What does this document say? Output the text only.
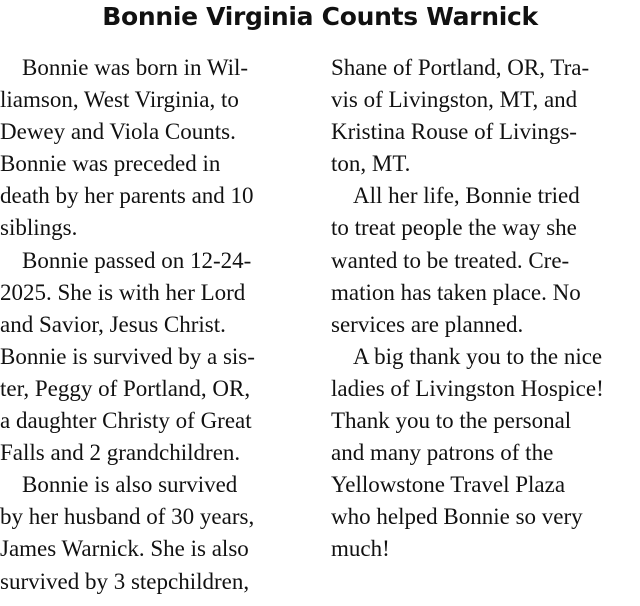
Bonnie Virginia Counts Warnick
Bonnie was born in Wil-
liamson, West Virginia, to
Dewey and Viola Counts.
Bonnie was preceded in
death by her parents and 10
siblings.
Bonnie passed on 12-24-
2025. She is with her Lord
and Savior, Jesus Christ.
Bonnie is survived by a sis-
ter, Peggy of Portland, OR,
a daughter Christy of Great
Falls and 2 grandchildren.
Bonnie is also survived
by her husband of 30 years,
James Warnick. She is also
survived by 3 stepchildren,
Shane of Portland, OR, Tra-
vis of Livingston, MT, and
Kristina Rouse of Livings-
ton, MT.
All her life, Bonnie tried
to treat people the way she
wanted to be treated. Cre-
mation has taken place. No
services are planned.
A big thank you to the nice
ladies of Livingston Hospice!
Thank you to the personal
and many patrons of the
Yellowstone Travel Plaza
who helped Bonnie so very
much!
